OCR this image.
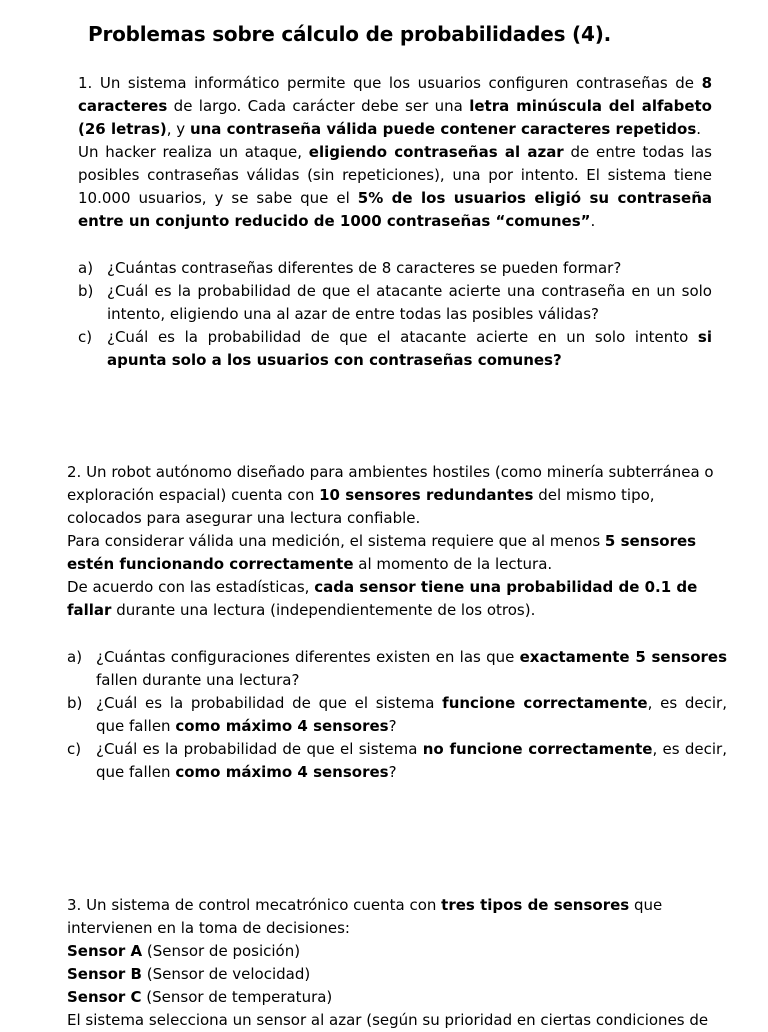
Problemas sobre cálculo de probabilidades (4).

1. Un sistema informático permite que los usuarios configuren contraseñas de 8 caracteres de largo. Cada carácter debe ser una letra minúscula del alfabeto (26 letras), y una contraseña válida puede contener caracteres repetidos.

Un hacker realiza un ataque, eligiendo contraseñas al azar de entre todas las posibles contraseñas válidas (sin repeticiones), una por intento. El sistema tiene 10.000 usuarios, y se sabe que el 5% de los usuarios eligió su contraseña entre un conjunto reducido de 1000 contraseñas “comunes”.

a) ¿Cuántas contraseñas diferentes de 8 caracteres se pueden formar?
b) ¿Cuál es la probabilidad de que el atacante acierte una contraseña en un solo intento, eligiendo una al azar de entre todas las posibles válidas?
c) ¿Cuál es la probabilidad de que el atacante acierte en un solo intento si apunta solo a los usuarios con contraseñas comunes?

2. Un robot autónomo diseñado para ambientes hostiles (como minería subterránea o exploración espacial) cuenta con 10 sensores redundantes del mismo tipo, colocados para asegurar una lectura confiable.

Para considerar válida una medición, el sistema requiere que al menos 5 sensores estén funcionando correctamente al momento de la lectura.

De acuerdo con las estadísticas, cada sensor tiene una probabilidad de 0.1 de fallar durante una lectura (independientemente de los otros).

a) ¿Cuántas configuraciones diferentes existen en las que exactamente 5 sensores fallen durante una lectura?
b) ¿Cuál es la probabilidad de que el sistema funcione correctamente, es decir, que fallen como máximo 4 sensores?
c) ¿Cuál es la probabilidad de que el sistema no funcione correctamente, es decir, que fallen como máximo 4 sensores?

3. Un sistema de control mecatrónico cuenta con tres tipos de sensores que intervienen en la toma de decisiones:

Sensor A (Sensor de posición)
Sensor B (Sensor de velocidad)
Sensor C (Sensor de temperatura)

El sistema selecciona un sensor al azar (según su prioridad en ciertas condiciones de
